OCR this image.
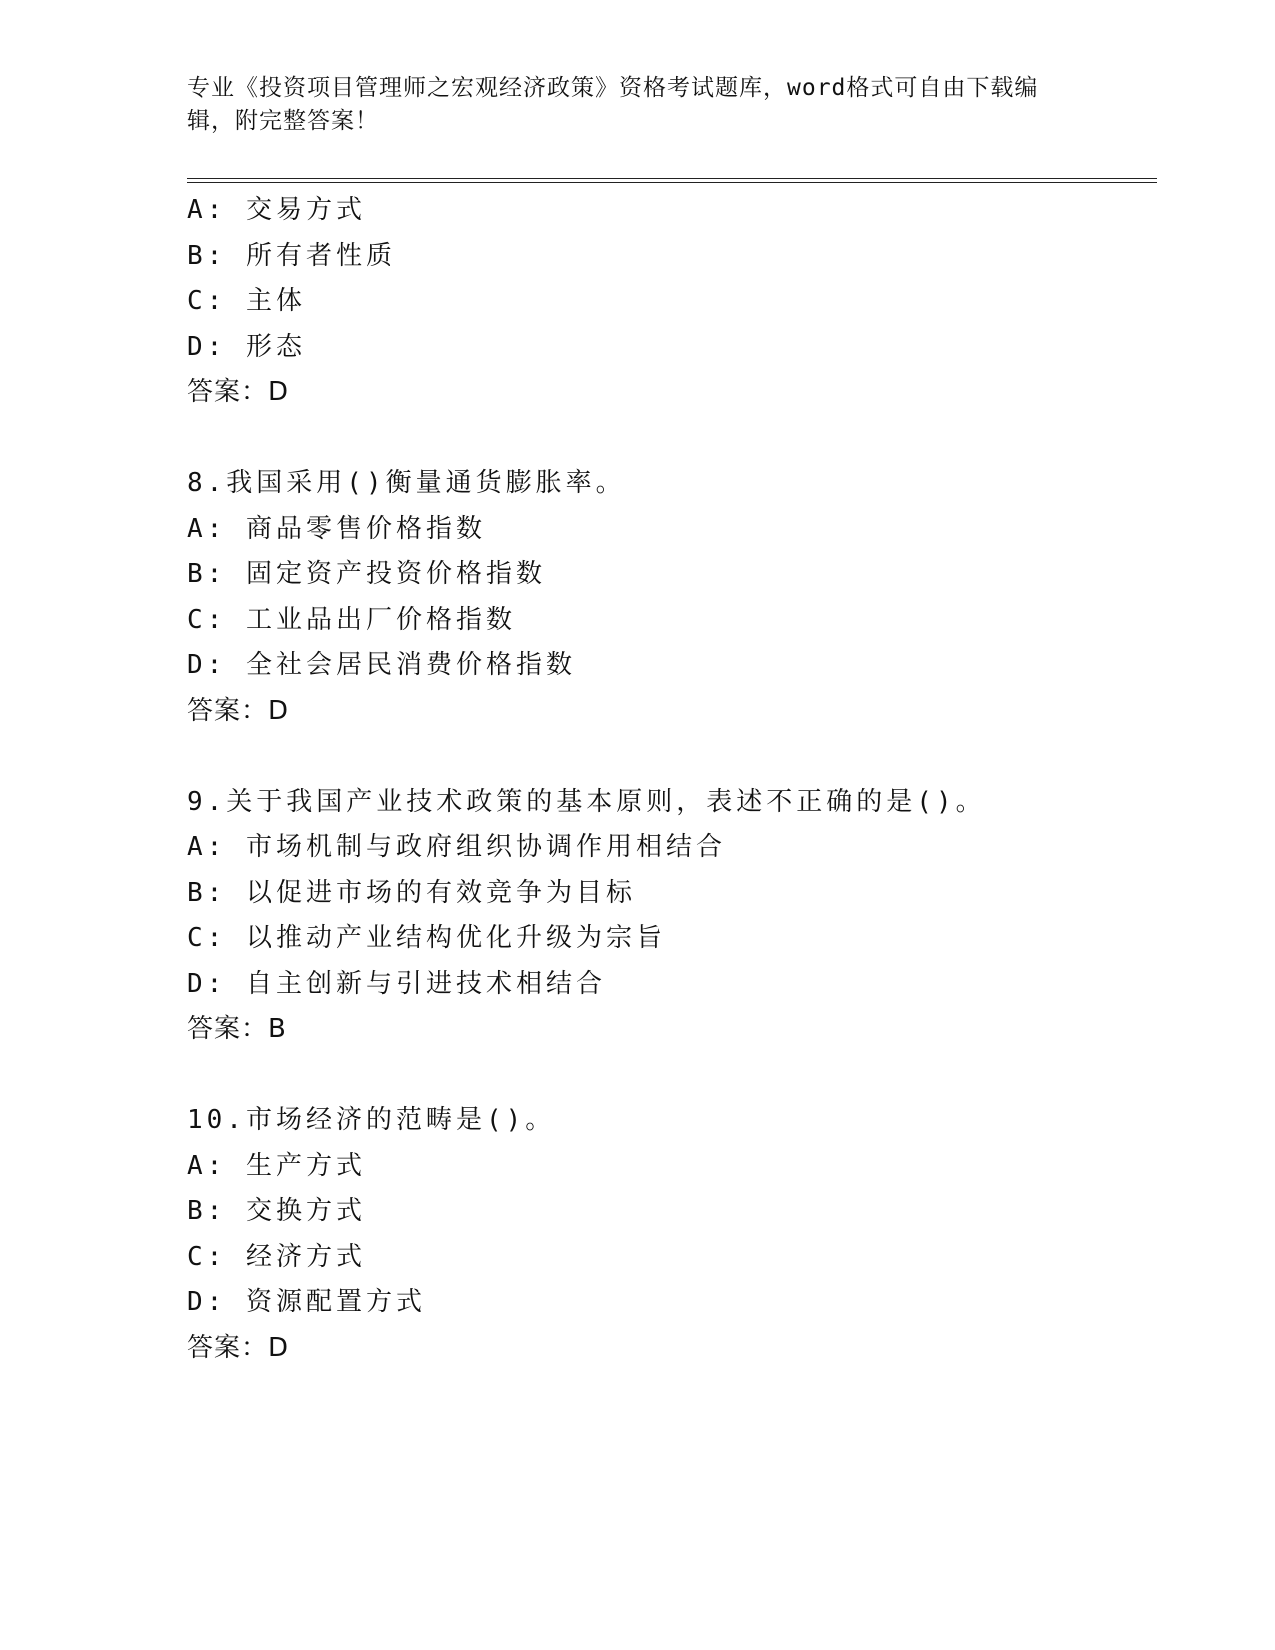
专业《投资项目管理师之宏观经济政策》资格考试题库，word格式可自由下载编辑，附完整答案！
A: 交易方式
B: 所有者性质
C: 主体
D: 形态
答案：D
8.我国采用()衡量通货膨胀率。
A: 商品零售价格指数
B: 固定资产投资价格指数
C: 工业品出厂价格指数
D: 全社会居民消费价格指数
答案：D
9.关于我国产业技术政策的基本原则，表述不正确的是()。
A: 市场机制与政府组织协调作用相结合
B: 以促进市场的有效竞争为目标
C: 以推动产业结构优化升级为宗旨
D: 自主创新与引进技术相结合
答案：B
10.市场经济的范畴是()。
A: 生产方式
B: 交换方式
C: 经济方式
D: 资源配置方式
答案：D
